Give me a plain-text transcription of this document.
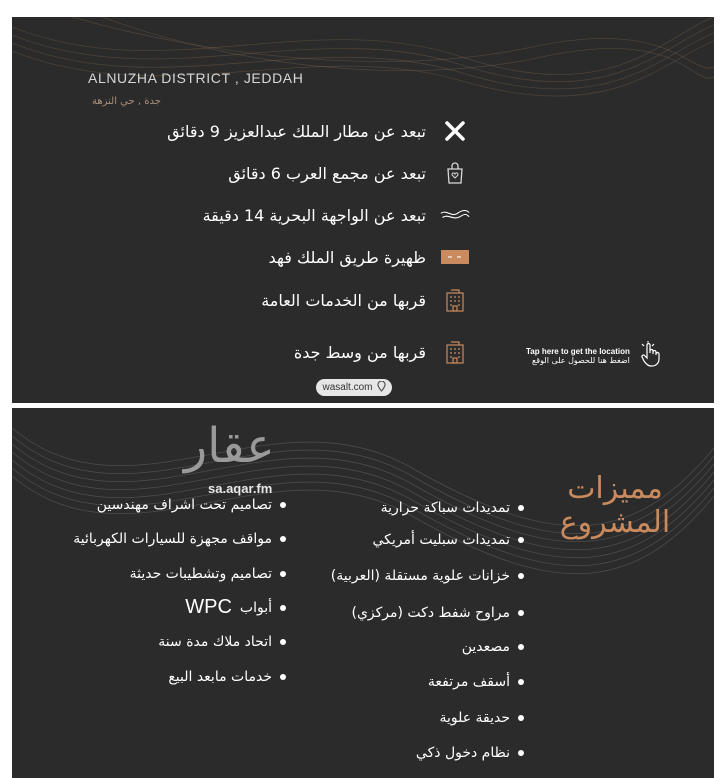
ALNUZHA DISTRICT , JEDDAH
جدة , حي النزهة
تبعد عن مطار الملك عبدالعزيز 9 دقائق
تبعد عن مجمع العرب 6 دقائق
تبعد عن الواجهة البحرية 14 دقيقة
ظهيرة طريق الملك فهد
قربها من الخدمات العامة
قربها من وسط جدة	Tap here to get the location
اضغط هنا للحصول على الوقع
wasalt.com
عقار
sa.aqar.fm	مميزات
المشروع
تمديدات سباكة حرارية
تمديدات سبليت أمريكي
خزانات علوية مستقلة (العربية)
مراوح شفط دكت (مركزي)
مصعدين
أسقف مرتفعة
حديقة علوية
نظام دخول ذكي
تصاميم تحت اشراف مهندسين
مواقف مجهزة للسيارات الكهربائية
تصاميم وتشطيبات حديثة
أبواب
WPC
اتحاد ملاك مدة سنة
خدمات مابعد البيع
